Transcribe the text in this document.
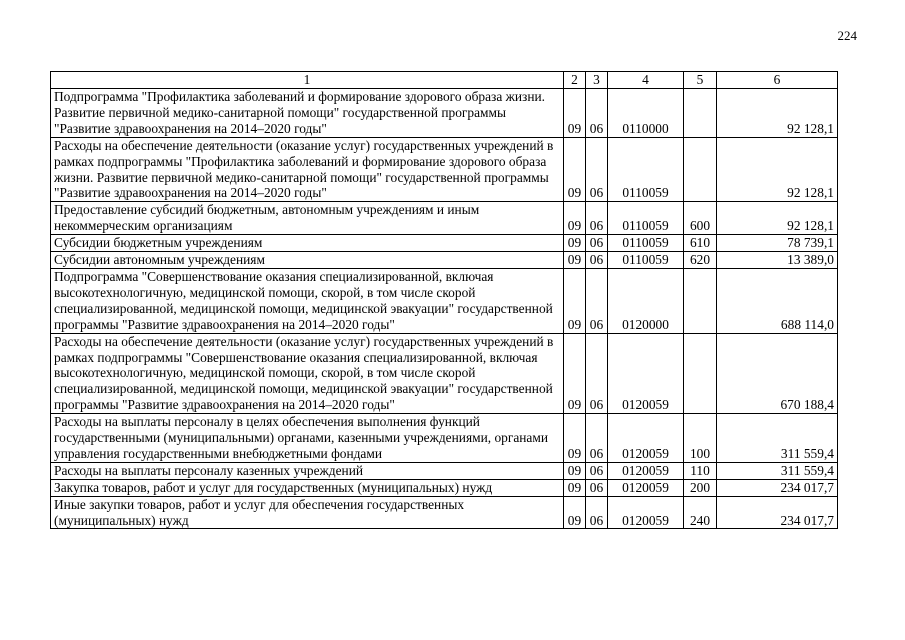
224
1	2	3	4	5	6
Подпрограмма "Профилактика заболеваний и формирование здорового образа жизни. Развитие первичной медико-санитарной помощи" государственной программы "Развитие здравоохранения на 2014–2020 годы"	09	06	0110000		92 128,1
Расходы на обеспечение деятельности (оказание услуг) государственных учреждений в рамках подпрограммы "Профилактика заболеваний и формирование здорового образа жизни. Развитие первичной медико-санитарной помощи" государственной программы "Развитие здравоохранения на 2014–2020 годы"	09	06	0110059		92 128,1
Предоставление субсидий бюджетным, автономным учреждениям и иным некоммерческим организациям	09	06	0110059	600	92 128,1
Субсидии бюджетным учреждениям	09	06	0110059	610	78 739,1
Субсидии автономным учреждениям	09	06	0110059	620	13 389,0
Подпрограмма "Совершенствование оказания специализированной, включая высокотехнологичную, медицинской помощи, скорой, в том числе скорой специализированной, медицинской помощи, медицинской эвакуации" государственной программы "Развитие здравоохранения на 2014–2020 годы"	09	06	0120000		688 114,0
Расходы на обеспечение деятельности (оказание услуг) государственных учреждений в рамках подпрограммы "Совершенствование оказания специализированной, включая высокотехнологичную, медицинской помощи, скорой, в том числе скорой специализированной, медицинской помощи, медицинской эвакуации" государственной программы "Развитие здравоохранения на 2014–2020 годы"	09	06	0120059		670 188,4
Расходы на выплаты персоналу в целях обеспечения выполнения функций государственными (муниципальными) органами, казенными учреждениями, органами управления государственными внебюджетными фондами	09	06	0120059	100	311 559,4
Расходы на выплаты персоналу казенных учреждений	09	06	0120059	110	311 559,4
Закупка товаров, работ и услуг для государственных (муниципальных) нужд	09	06	0120059	200	234 017,7
Иные закупки товаров, работ и услуг для обеспечения государственных (муниципальных) нужд	09	06	0120059	240	234 017,7
